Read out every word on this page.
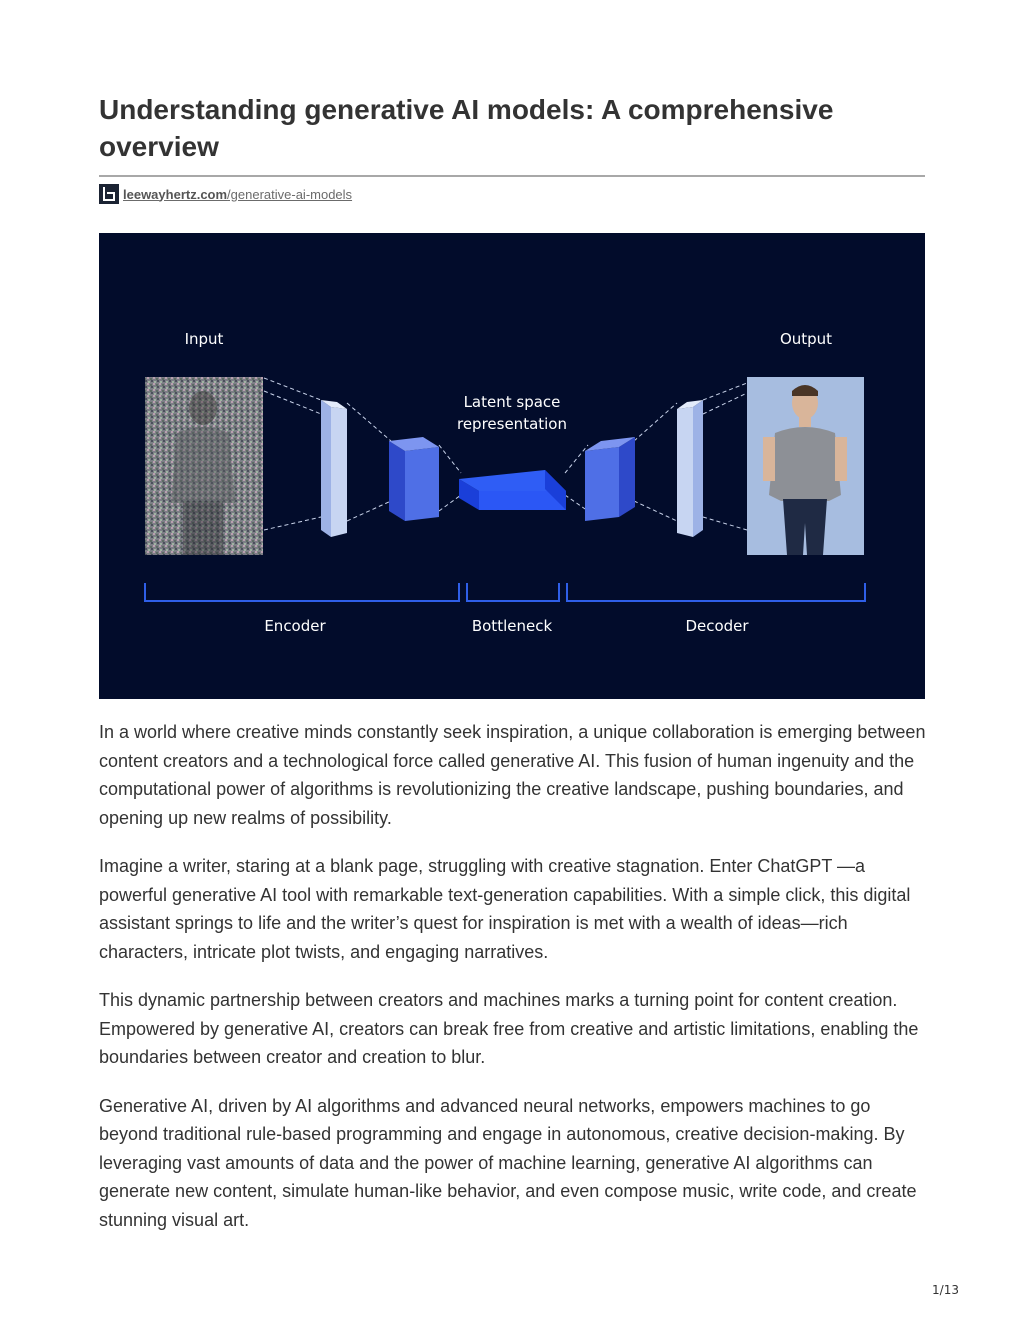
Understanding generative AI models: A comprehensive overview
leewayhertz.com/generative-ai-models
Input	Output
Latent space
representation
Encoder	Bottleneck	Decoder

In a world where creative minds constantly seek inspiration, a unique collaboration is emerging between content creators and a technological force called generative AI. This fusion of human ingenuity and the computational power of algorithms is revolutionizing the creative landscape, pushing boundaries, and opening up new realms of possibility.

Imagine a writer, staring at a blank page, struggling with creative stagnation. Enter ChatGPT —a powerful generative AI tool with remarkable text-generation capabilities. With a simple click, this digital assistant springs to life and the writer’s quest for inspiration is met with a wealth of ideas—rich characters, intricate plot twists, and engaging narratives.

This dynamic partnership between creators and machines marks a turning point for content creation. Empowered by generative AI, creators can break free from creative and artistic limitations, enabling the boundaries between creator and creation to blur.

Generative AI, driven by AI algorithms and advanced neural networks, empowers machines to go beyond traditional rule-based programming and engage in autonomous, creative decision-making. By leveraging vast amounts of data and the power of machine learning, generative AI algorithms can generate new content, simulate human-like behavior, and even compose music, write code, and create stunning visual art.

1/13
